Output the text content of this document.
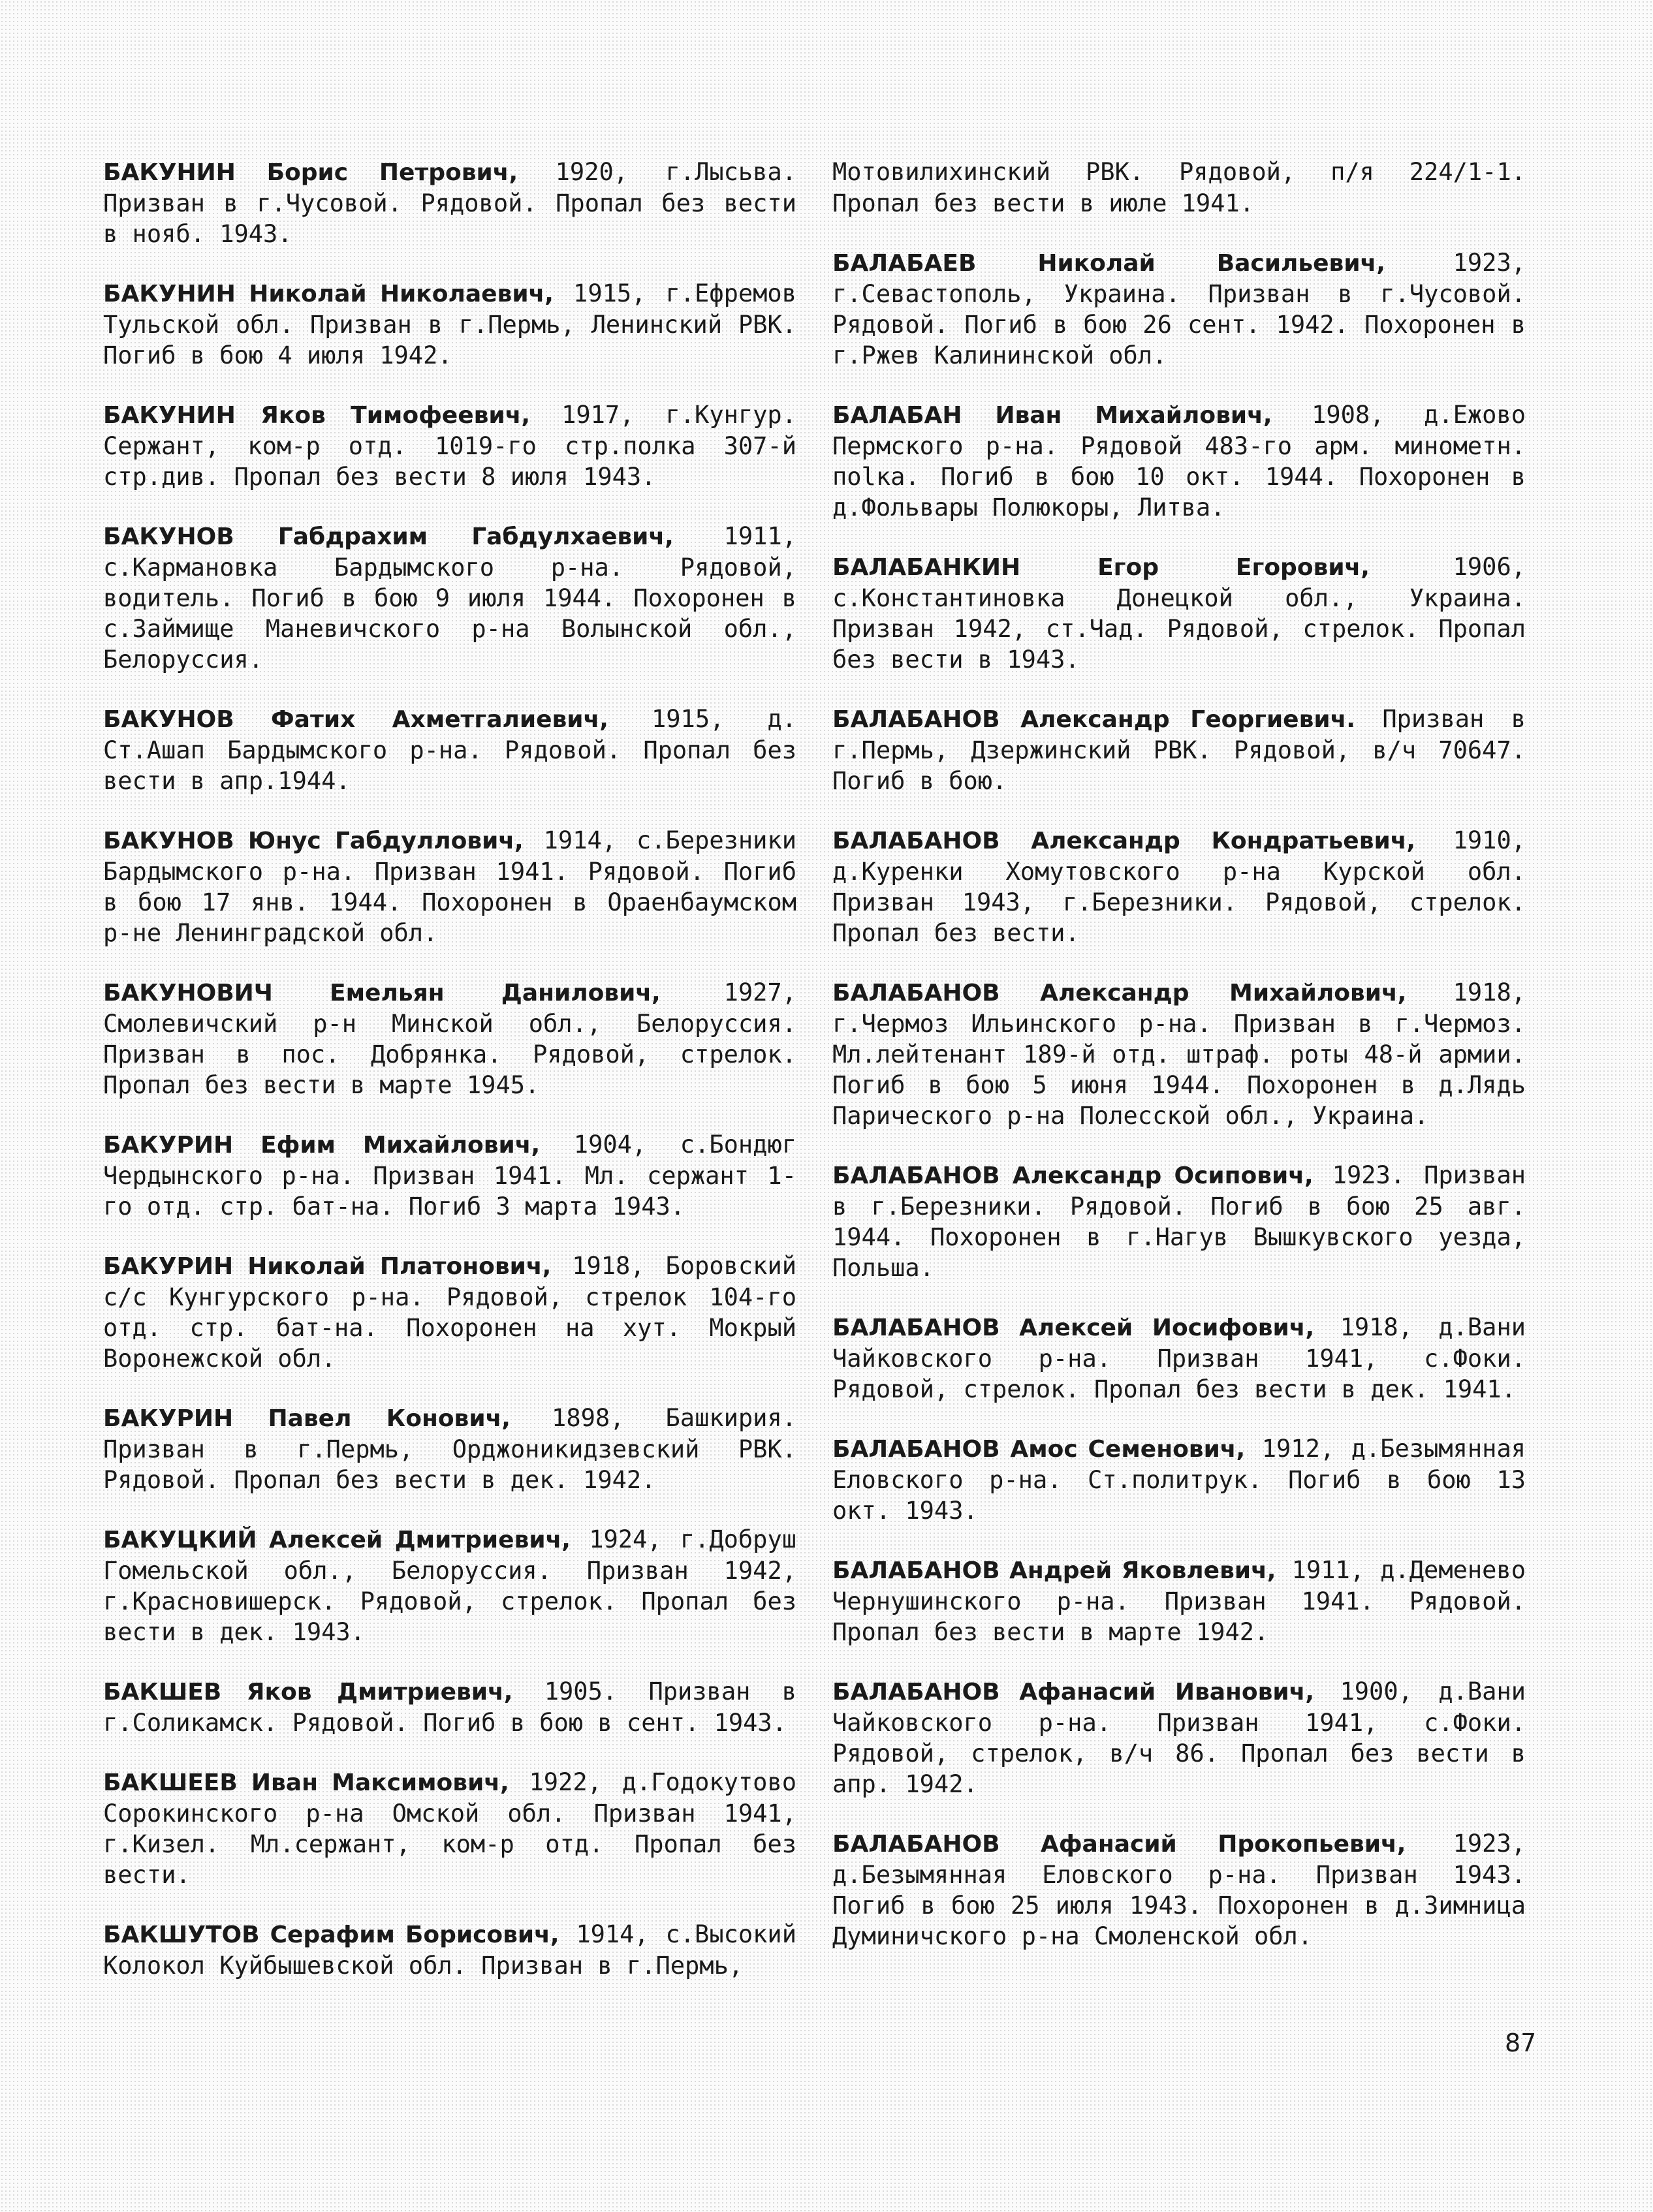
БАКУНИН Борис Петрович, 1920, г.Лысьва. Призван в г.Чусовой. Рядовой. Пропал без вести в нояб. 1943.

БАКУНИН Николай Николаевич, 1915, г.Ефремов Тульской обл. Призван в г.Пермь, Ленинский РВК. Погиб в бою 4 июля 1942.

БАКУНИН Яков Тимофеевич, 1917, г.Кунгур. Сержант, ком-р отд. 1019-го стр.полка 307-й стр.див. Пропал без вести 8 июля 1943.

БАКУНОВ Габдрахим Габдулхаевич, 1911, с.Кармановка Бардымского р-на. Рядовой, водитель. Погиб в бою 9 июля 1944. Похоронен в с.Займище Маневичского р-на Волынской обл., Белоруссия.

БАКУНОВ Фатих Ахметгалиевич, 1915, д. Ст.Ашап Бардымского р-на. Рядовой. Пропал без вести в апр.1944.

БАКУНОВ Юнус Габдуллович, 1914, с.Березники Бардымского р-на. Призван 1941. Рядовой. Погиб в бою 17 янв. 1944. Похоронен в Ораенбаумском р-не Ленинградской обл.

БАКУНОВИЧ Емельян Данилович, 1927, Смолевичский р-н Минской обл., Белоруссия. Призван в пос. Добрянка. Рядовой, стрелок. Пропал без вести в марте 1945.

БАКУРИН Ефим Михайлович, 1904, с.Бондюг Чердынского р-на. Призван 1941. Мл. сержант 1-го отд. стр. бат-на. Погиб 3 марта 1943.

БАКУРИН Николай Платонович, 1918, Боровский с/с Кунгурского р-на. Рядовой, стрелок 104-го отд. стр. бат-на. Похоронен на хут. Мокрый Воронежской обл.

БАКУРИН Павел Конович, 1898, Башкирия. Призван в г.Пермь, Орджоникидзевский РВК. Рядовой. Пропал без вести в дек. 1942.

БАКУЦКИЙ Алексей Дмитриевич, 1924, г.Добруш Гомельской обл., Белоруссия. Призван 1942, г.Красновишерск. Рядовой, стрелок. Пропал без вести в дек. 1943.

БАКШЕВ Яков Дмитриевич, 1905. Призван в г.Соликамск. Рядовой. Погиб в бою в сент. 1943.

БАКШЕЕВ Иван Максимович, 1922, д.Годокутово Сорокинского р-на Омской обл. Призван 1941, г.Кизел. Мл.сержант, ком-р отд. Пропал без вести.

БАКШУТОВ Серафим Борисович, 1914, с.Высокий Колокол Куйбышевской обл. Призван в г.Пермь,

Мотовилихинский РВК. Рядовой, п/я 224/1-1. Пропал без вести в июле 1941.

БАЛАБАЕВ Николай Васильевич, 1923, г.Севастополь, Украина. Призван в г.Чусовой. Рядовой. Погиб в бою 26 сент. 1942. Похоронен в г.Ржев Калининской обл.

БАЛАБАН Иван Михайлович, 1908, д.Ежово Пермского р-на. Рядовой 483-го арм. минометн. пolка. Погиб в бою 10 окт. 1944. Похоронен в д.Фольвары Полюкоры, Литва.

БАЛАБАНКИН Егор Егорович, 1906, с.Константиновка Донецкой обл., Украина. Призван 1942, ст.Чад. Рядовой, стрелок. Пропал без вести в 1943.

БАЛАБАНОВ Александр Георгиевич. Призван в г.Пермь, Дзержинский РВК. Рядовой, в/ч 70647. Погиб в бою.

БАЛАБАНОВ Александр Кондратьевич, 1910, д.Куренки Хомутовского р-на Курской обл. Призван 1943, г.Березники. Рядовой, стрелок. Пропал без вести.

БАЛАБАНОВ Александр Михайлович, 1918, г.Чермоз Ильинского р-на. Призван в г.Чермоз. Мл.лейтенант 189-й отд. штраф. роты 48-й армии. Погиб в бою 5 июня 1944. Похоронен в д.Лядь Парического р-на Полесской обл., Украина.

БАЛАБАНОВ Александр Осипович, 1923. Призван в г.Березники. Рядовой. Погиб в бою 25 авг. 1944. Похоронен в г.Нагув Вышкувского уезда, Польша.

БАЛАБАНОВ Алексей Иосифович, 1918, д.Вани Чайковского р-на. Призван 1941, с.Фоки. Рядовой, стрелок. Пропал без вести в дек. 1941.

БАЛАБАНОВ Амос Семенович, 1912, д.Безымянная Еловского р-на. Ст.политрук. Погиб в бою 13 окт. 1943.

БАЛАБАНОВ Андрей Яковлевич, 1911, д.Деменево Чернушинского р-на. Призван 1941. Рядовой. Пропал без вести в марте 1942.

БАЛАБАНОВ Афанасий Иванович, 1900, д.Вани Чайковского р-на. Призван 1941, с.Фоки. Рядовой, стрелок, в/ч 86. Пропал без вести в апр. 1942.

БАЛАБАНОВ Афанасий Прокопьевич, 1923, д.Безымянная Еловского р-на. Призван 1943. Погиб в бою 25 июля 1943. Похоронен в д.Зимница Думиничского р-на Смоленской обл.

87
